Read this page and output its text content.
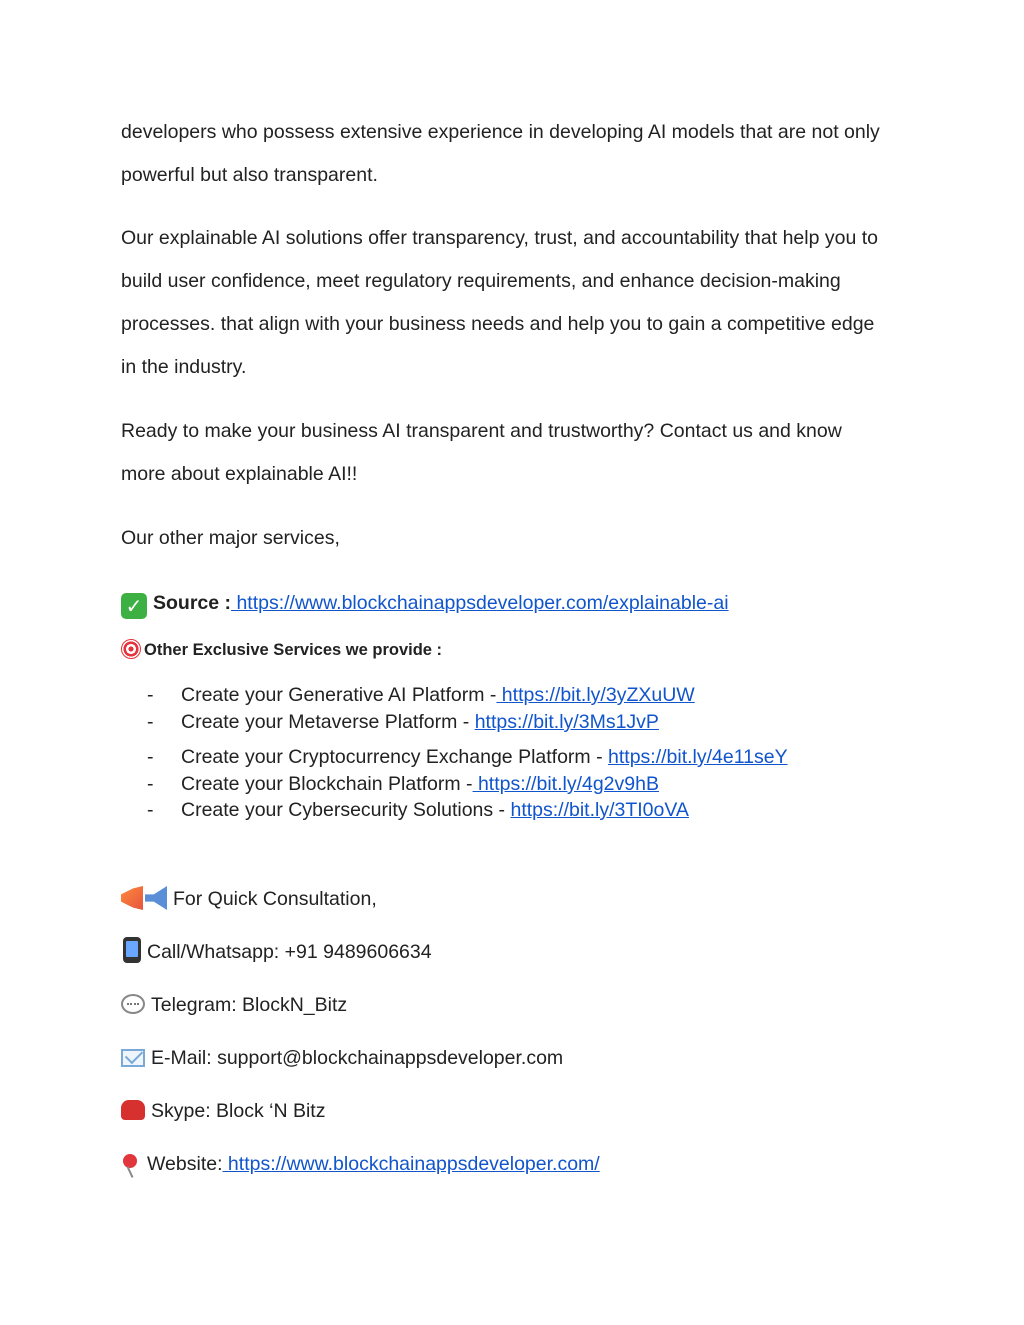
developers who possess extensive experience in developing AI models that are not only
powerful but also transparent.

Our explainable AI solutions offer transparency, trust, and accountability that help you to
build user confidence, meet regulatory requirements, and enhance decision-making
processes. that align with your business needs and help you to gain a competitive edge
in the industry.

Ready to make your business AI transparent and trustworthy? Contact us and know
more about explainable AI!!

Our other major services,

✓ Source : https://www.blockchainappsdeveloper.com/explainable-ai
Other Exclusive Services we provide :
-	Create your Generative AI Platform - https://bit.ly/3yZXuUW
-	Create your Metaverse Platform - https://bit.ly/3Ms1JvP
-	Create your Cryptocurrency Exchange Platform - https://bit.ly/4e11seY
-	Create your Blockchain Platform - https://bit.ly/4g2v9hB
-	Create your Cybersecurity Solutions - https://bit.ly/3TI0oVA
For Quick Consultation,
Call/Whatsapp: +91 9489606634
Telegram: BlockN_Bitz
E-Mail: support@blockchainappsdeveloper.com
Skype: Block ‘N Bitz
Website: https://www.blockchainappsdeveloper.com/
